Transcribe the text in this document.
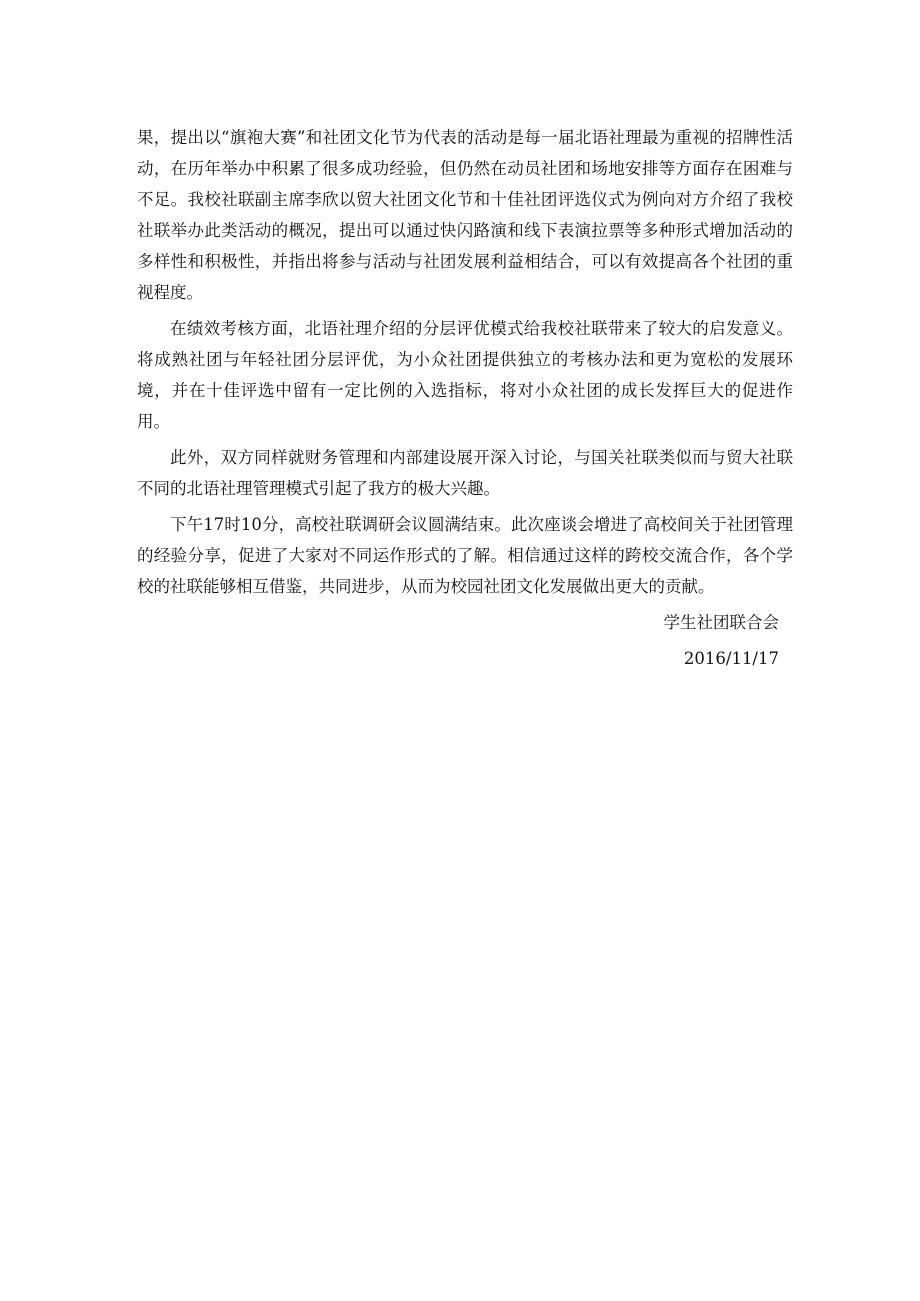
果，提出以“旗袍大赛”和社团文化节为代表的活动是每一届北语社理最为重视的招牌性活动，在历年举办中积累了很多成功经验，但仍然在动员社团和场地安排等方面存在困难与不足。我校社联副主席李欣以贸大社团文化节和十佳社团评选仪式为例向对方介绍了我校社联举办此类活动的概况，提出可以通过快闪路演和线下表演拉票等多种形式增加活动的多样性和积极性，并指出将参与活动与社团发展利益相结合，可以有效提高各个社团的重视程度。

在绩效考核方面，北语社理介绍的分层评优模式给我校社联带来了较大的启发意义。将成熟社团与年轻社团分层评优，为小众社团提供独立的考核办法和更为宽松的发展环境，并在十佳评选中留有一定比例的入选指标，将对小众社团的成长发挥巨大的促进作用。

此外，双方同样就财务管理和内部建设展开深入讨论，与国关社联类似而与贸大社联不同的北语社理管理模式引起了我方的极大兴趣。

下午17时10分，高校社联调研会议圆满结束。此次座谈会增进了高校间关于社团管理的经验分享，促进了大家对不同运作形式的了解。相信通过这样的跨校交流合作，各个学校的社联能够相互借鉴，共同进步，从而为校园社团文化发展做出更大的贡献。

学生社团联合会

2016/11/17
